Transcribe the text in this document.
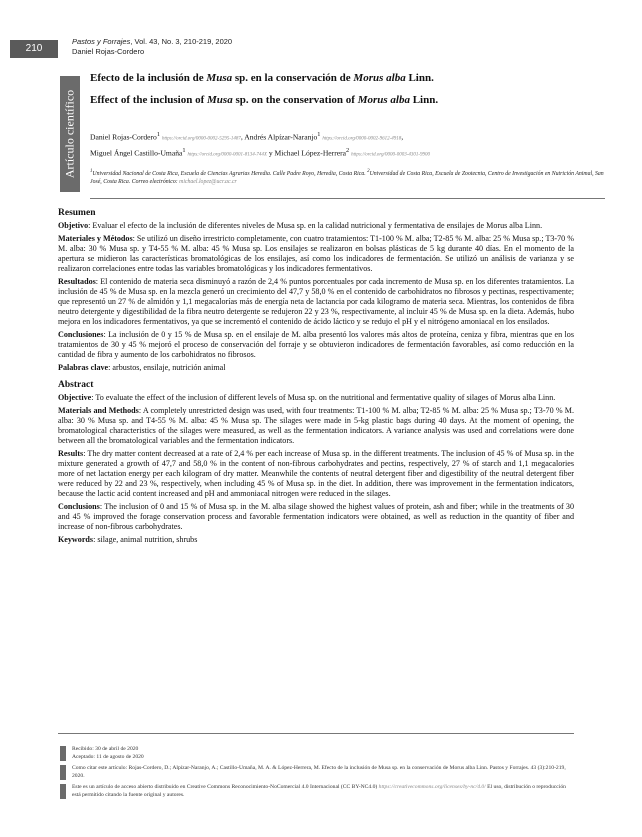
210
Pastos y Forrajes, Vol. 43, No. 3, 210-219, 2020
Daniel Rojas-Cordero
Artículo científico
Efecto de la inclusión de Musa sp. en la conservación de Morus alba Linn.
Effect of the inclusion of Musa sp. on the conservation of Morus alba Linn.
Daniel Rojas-Cordero$^1$ https://orcid.org/0000-0002-5295-1487, Andrés Alpízar-Naranjo$^1$ https://orcid.org/0000-0002-9612-4918,
Miguel Ángel Castillo-Umaña$^1$ https://orcid.org/0000-0001-8134-744X y Michael López-Herrera$^2$ https://orcid.org/0000-0003-4301-9900
$^1$Universidad Nacional de Costa Rica, Escuela de Ciencias Agrarias Heredia. Calle Padre Royo, Heredia, Costa Rica. $^2$Universidad de Costa Rica, Escuela de Zootecnia, Centro de Investigación en Nutrición Animal, San José, Costa Rica. Correo electrónico: michael.lopez@ucr.ac.cr
Resumen

Objetivo: Evaluar el efecto de la inclusión de diferentes niveles de Musa sp. en la calidad nutricional y fermentativa de ensilajes de Morus alba Linn.

Materiales y Métodos: Se utilizó un diseño irrestricto completamente, con cuatro tratamientos: T1-100 % M. alba; T2-85 % M. alba: 25 % Musa sp.; T3-70 % M. alba: 30 % Musa sp. y T4-55 % M. alba: 45 % Musa sp. Los ensilajes se realizaron en bolsas plásticas de 5 kg durante 40 días. En el momento de la apertura se midieron las características bromatológicas de los ensilajes, así como los indicadores de fermentación. Se utilizó un análisis de varianza y se realizaron correlaciones entre todas las variables bromatológicas y los indicadores fermentativos.

Resultados: El contenido de materia seca disminuyó a razón de 2,4 % puntos porcentuales por cada incremento de Musa sp. en los diferentes tratamientos. La inclusión de 45 % de Musa sp. en la mezcla generó un crecimiento del 47,7 y 58,0 % en el contenido de carbohidratos no fibrosos y pectinas, respectivamente; que representó un 27 % de almidón y 1,1 megacalorías más de energía neta de lactancia por cada kilogramo de materia seca. Mientras, los contenidos de fibra neutro detergente y digestibilidad de la fibra neutro detergente se redujeron 22 y 23 %, respectivamente, al incluir 45 % de Musa sp. en la dieta. Además, hubo mejora en los indicadores fermentativos, ya que se incrementó el contenido de ácido láctico y se redujo el pH y el nitrógeno amoniacal en los ensilados.

Conclusiones: La inclusión de 0 y 15 % de Musa sp. en el ensilaje de M. alba presentó los valores más altos de proteína, ceniza y fibra, mientras que en los tratamientos de 30 y 45 % mejoró el proceso de conservación del forraje y se obtuvieron indicadores de fermentación favorables, así como reducción en la cantidad de fibra y aumento de los carbohidratos no fibrosos.

Palabras clave: arbustos, ensilaje, nutrición animal

Abstract

Objective: To evaluate the effect of the inclusion of different levels of Musa sp. on the nutritional and fermentative quality of silages of Morus alba Linn.

Materials and Methods: A completely unrestricted design was used, with four treatments: T1-100 % M. alba; T2-85 % M. alba: 25 % Musa sp.; T3-70 % M. alba: 30 % Musa sp. and T4-55 % M. alba: 45 % Musa sp. The silages were made in 5-kg plastic bags during 40 days. At the moment of opening, the bromatological characteristics of the silages were measured, as well as the fermentation indicators. A variance analysis was used and correlations were done between all the bromatological variables and the fermentation indicators.

Results: The dry matter content decreased at a rate of 2,4 % per each increase of Musa sp. in the different treatments. The inclusion of 45 % of Musa sp. in the mixture generated a growth of 47,7 and 58,0 % in the content of non-fibrous carbohydrates and pectins, respectively, 27 % of starch and 1,1 megacalories more of net lactation energy per each kilogram of dry matter. Meanwhile the contents of neutral detergent fiber and digestibility of the neutral detergent fiber were reduced by 22 and 23 %, respectively, when including 45 % of Musa sp. in the diet. In addition, there was improvement in the fermentation indicators, because the lactic acid content increased and pH and ammoniacal nitrogen were reduced in the silages.

Conclusions: The inclusion of 0 and 15 % of Musa sp. in the M. alba silage showed the highest values of protein, ash and fiber; while in the treatments of 30 and 45 % improved the forage conservation process and favorable fermentation indicators were obtained, as well as reduction in the quantity of fiber and increase of non-fibrous carbohydrates.

Keywords: silage, animal nutrition, shrubs

Recibido: 30 de abril de 2020
Aceptado: 11 de agosto de 2020
Como citar este artículo: Rojas-Cordero, D.; Alpízar-Naranjo, A.; Castillo-Umaña, M. A. & López-Herrera, M. Efecto de la inclusión de Musa sp. en la conservación de Morus alba Linn. Pastos y Forrajes. 43 (3):210-219, 2020.
Este es un artículo de acceso abierto distribuido en Creative Commons Reconocimiento-NoComercial 4.0 Internacional (CC BY-NC4.0) https://creativecommons.org/licenses/by-nc/4.0/ El uso, distribución o reproducción está permitido citando la fuente original y autores.
